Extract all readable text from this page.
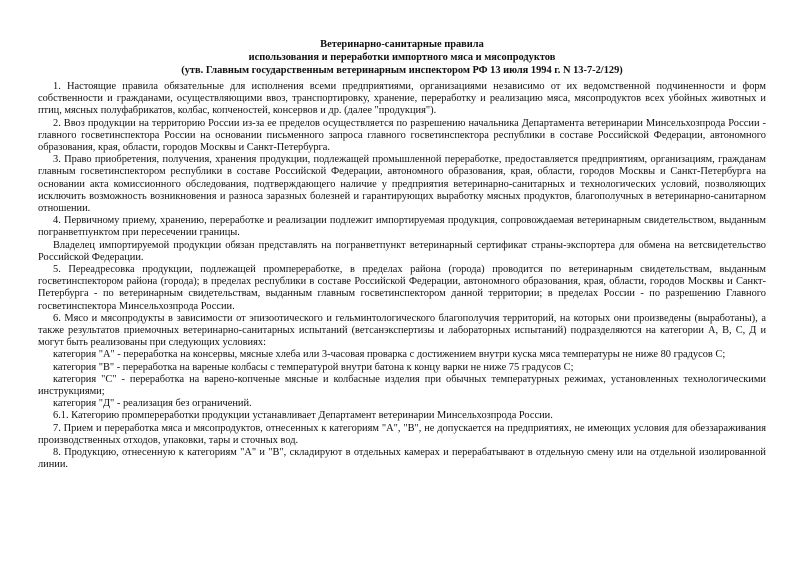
Ветеринарно-санитарные правила

использования и переработки импортного мяса и мясопродуктов

(утв. Главным государственным ветеринарным инспектором РФ 13 июля 1994 г. N 13-7-2/129)

1. Настоящие правила обязательные для исполнения всеми предприятиями, организациями независимо от их ведомственной подчиненности и форм собственности и гражданами, осуществляющими ввоз, транспортировку, хранение, переработку и реализацию мяса, мясопродуктов всех убойных животных и птиц, мясных полуфабрикатов, колбас, копченостей, консервов и др. (далее "продукция").

2. Ввоз продукции на территорию России из-за ее пределов осуществляется по разрешению начальника Департамента ветеринарии Минсельхозпрода России - главного госветинспектора России на основании письменного запроса главного госветинспектора республики в составе Российской Федерации, автономного образования, края, области, городов Москвы и Санкт-Петербурга.

3. Право приобретения, получения, хранения продукции, подлежащей промышленной переработке, предоставляется предприятиям, организациям, гражданам главным госветинспектором республики в составе Российской Федерации, автономного образования, края, области, городов Москвы и Санкт-Петербурга на основании акта комиссионного обследования, подтверждающего наличие у предприятия ветеринарно-санитарных и технологических условий, позволяющих исключить возможность возникновения и разноса заразных болезней и гарантирующих выработку мясных продуктов, благополучных в ветеринарно-санитарном отношении.

4. Первичному приему, хранению, переработке и реализации подлежит импортируемая продукция, сопровождаемая ветеринарным свидетельством, выданным погранветпунктом при пересечении границы.

Владелец импортируемой продукции обязан представлять на погранветпункт ветеринарный сертификат страны-экспортера для обмена на ветсвидетельство Российской Федерации.

5. Переадресовка продукции, подлежащей промпереработке, в пределах района (города) проводится по ветеринарным свидетельствам, выданным госветинспектором района (города); в пределах республики в составе Российской Федерации, автономного образования, края, области, городов Москвы и Санкт-Петербурга - по ветеринарным свидетельствам, выданным главным госветинспектором данной территории; в пределах России - по разрешению Главного госветинспектора Минсельхозпрода России.

6. Мясо и мясопродукты в зависимости от эпизоотического и гельминтологического благополучия территорий, на которых они произведены (выработаны), а также результатов приемочных ветеринарно-санитарных испытаний (ветсанэкспертизы и лабораторных испытаний) подразделяются на категории А, В, С, Д и могут быть реализованы при следующих условиях:

категория "А" - переработка на консервы, мясные хлеба или 3-часовая проварка с достижением внутри куска мяса температуры не ниже 80 градусов С;

категория "В" - переработка на вареные колбасы с температурой внутри батона к концу варки не ниже 75 градусов С;

категория "С" - переработка на варено-копченые мясные и колбасные изделия при обычных температурных режимах, установленных технологическими инструкциями;

категория "Д" - реализация без ограничений.

6.1. Категорию промпереработки продукции устанавливает Департамент ветеринарии Минсельхозпрода России.

7. Прием и переработка мяса и мясопродуктов, отнесенных к категориям "А", "В", не допускается на предприятиях, не имеющих условия для обеззараживания производственных отходов, упаковки, тары и сточных вод.

8. Продукцию, отнесенную к категориям "А" и "В", складируют в отдельных камерах и перерабатывают в отдельную смену или на отдельной изолированной линии.
